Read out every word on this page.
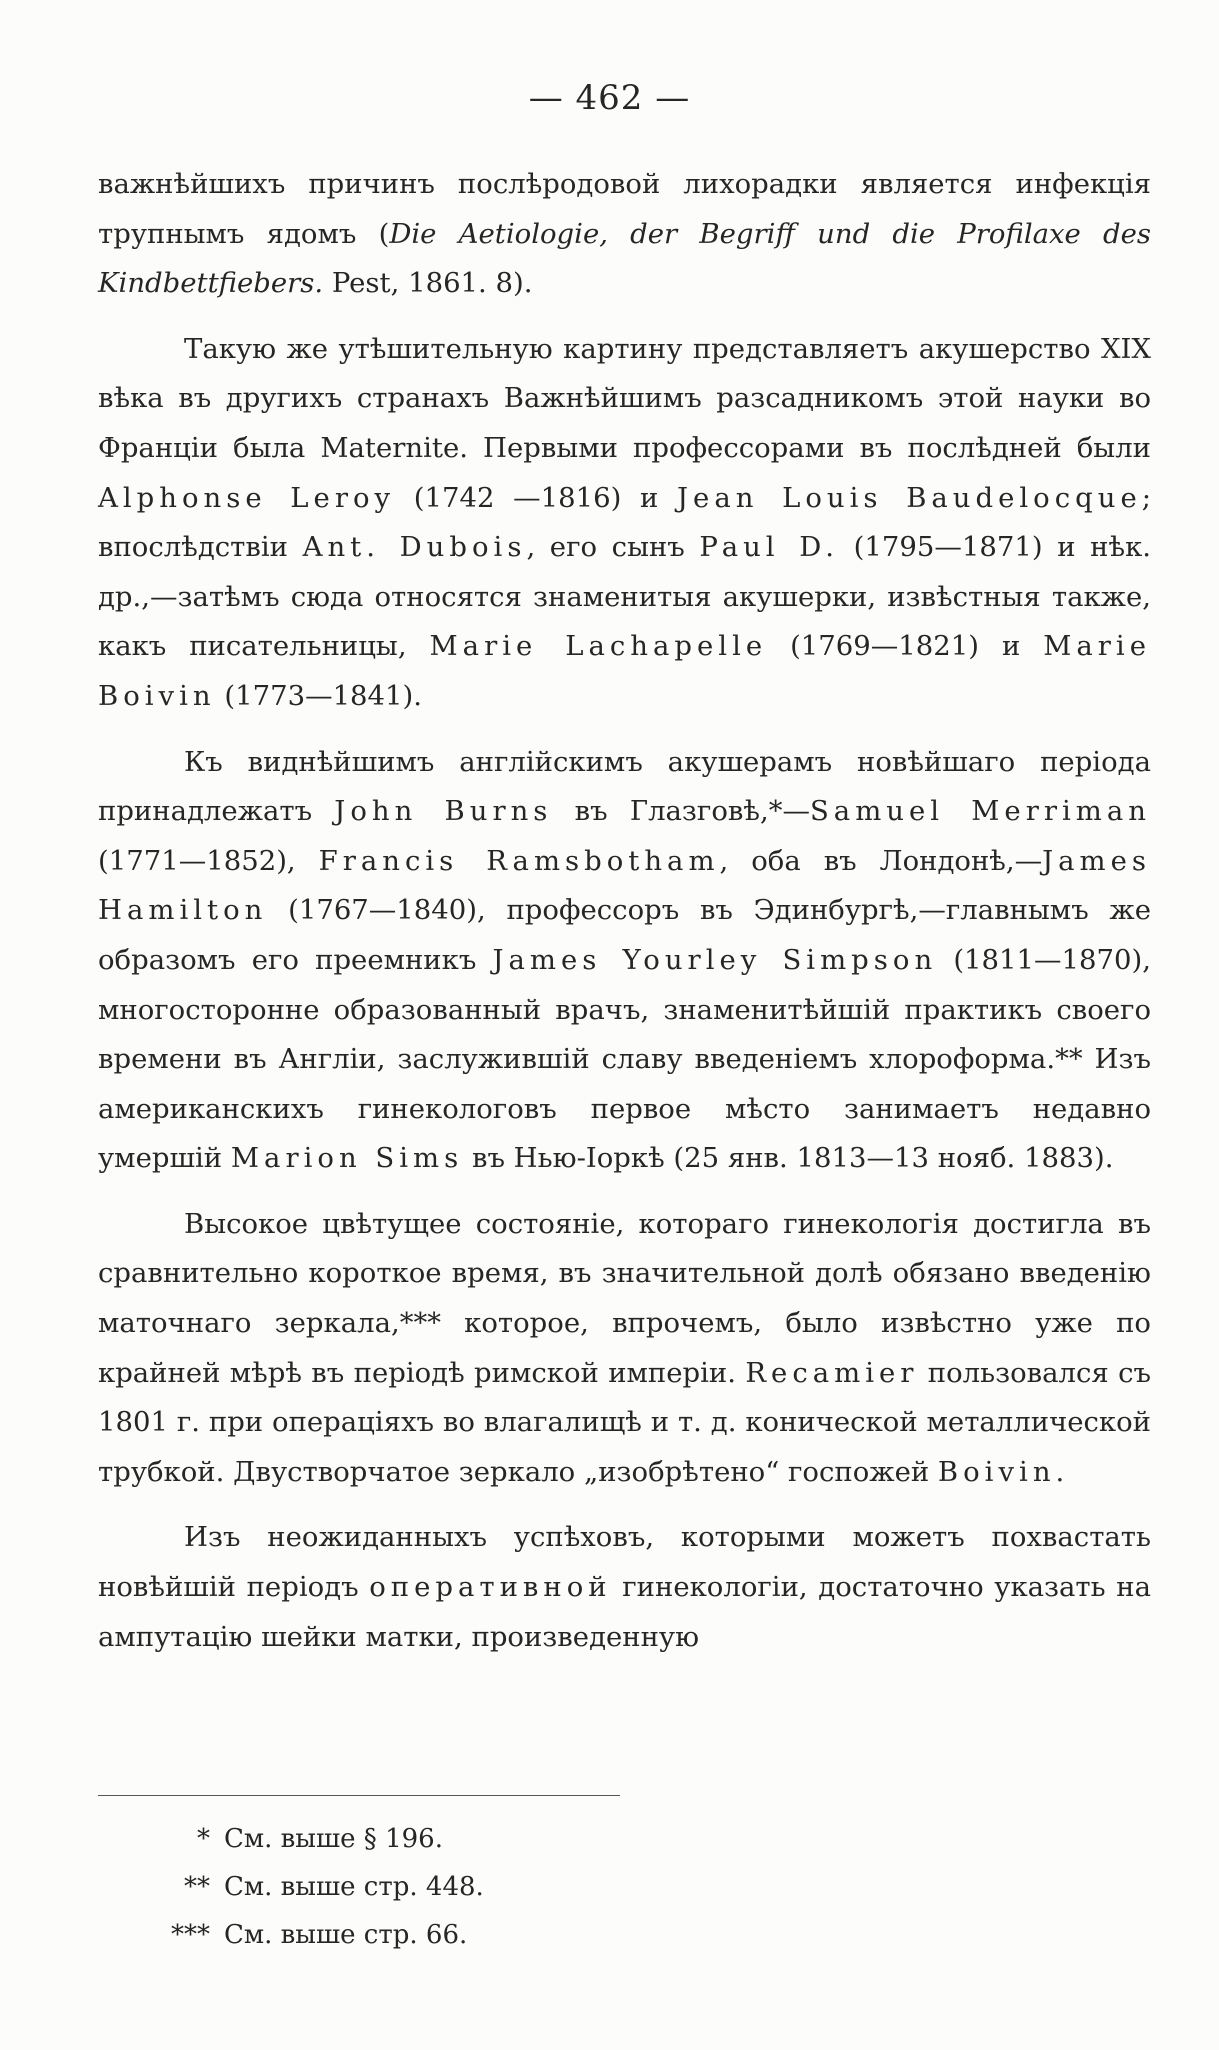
— 462 —

важнѣйшихъ причинъ послѣродовой лихорадки является инфекція трупнымъ ядомъ (Die Aetiologie, der Begriff und die Profilaxe des Kindbettfiebers. Pest, 1861. 8).

Такую же утѣшительную картину представляетъ акушерство XIX вѣка въ другихъ странахъ Важнѣйшимъ разсадникомъ этой науки во Франціи была Maternite. Первыми профессорами въ послѣдней были Alphonse Leroy (1742 —1816) и Jean Louis Baudelocque; впослѣдствіи Ant. Dubois, его сынъ Paul D. (1795—1871) и нѣк. др.,—затѣмъ сюда относятся знаменитыя акушерки, извѣстныя также, какъ писательницы, Marie Lachapelle (1769—1821) и Marie Boivin (1773—1841).

Къ виднѣйшимъ англійскимъ акушерамъ новѣйшаго періода принадлежатъ John Burns въ Глазговѣ,*—Samuel Merriman (1771—1852), Francis Ramsbotham, оба въ Лондонѣ,—James Hamilton (1767—1840), профессоръ въ Эдинбургѣ,—главнымъ же образомъ его преемникъ James Yourley Simpson (1811—1870), многосторонне образованный врачъ, знаменитѣйшій практикъ своего времени въ Англіи, заслужившій славу введеніемъ хлороформа.** Изъ американскихъ гинекологовъ первое мѣсто занимаетъ недавно умершій Marion Sims въ Нью-Іоркѣ (25 янв. 1813—13 нояб. 1883).

Высокое цвѣтущее состояніе, котораго гинекологія достигла въ сравнительно короткое время, въ значительной долѣ обязано введенію маточнаго зеркала,*** которое, впрочемъ, было извѣстно уже по крайней мѣрѣ въ періодѣ римской имперіи. Recamier пользовался съ 1801 г. при операціяхъ во влагалищѣ и т. д. конической металлической трубкой. Двустворчатое зеркало „изобрѣтено“ госпожей Boivin.

Изъ неожиданныхъ успѣховъ, которыми можетъ похвастать новѣйшій періодъ оперативной гинекологіи, достаточно указать на ампутацію шейки матки, произведенную

* См. выше § 196.
** См. выше стр. 448.
*** См. выше стр. 66.
